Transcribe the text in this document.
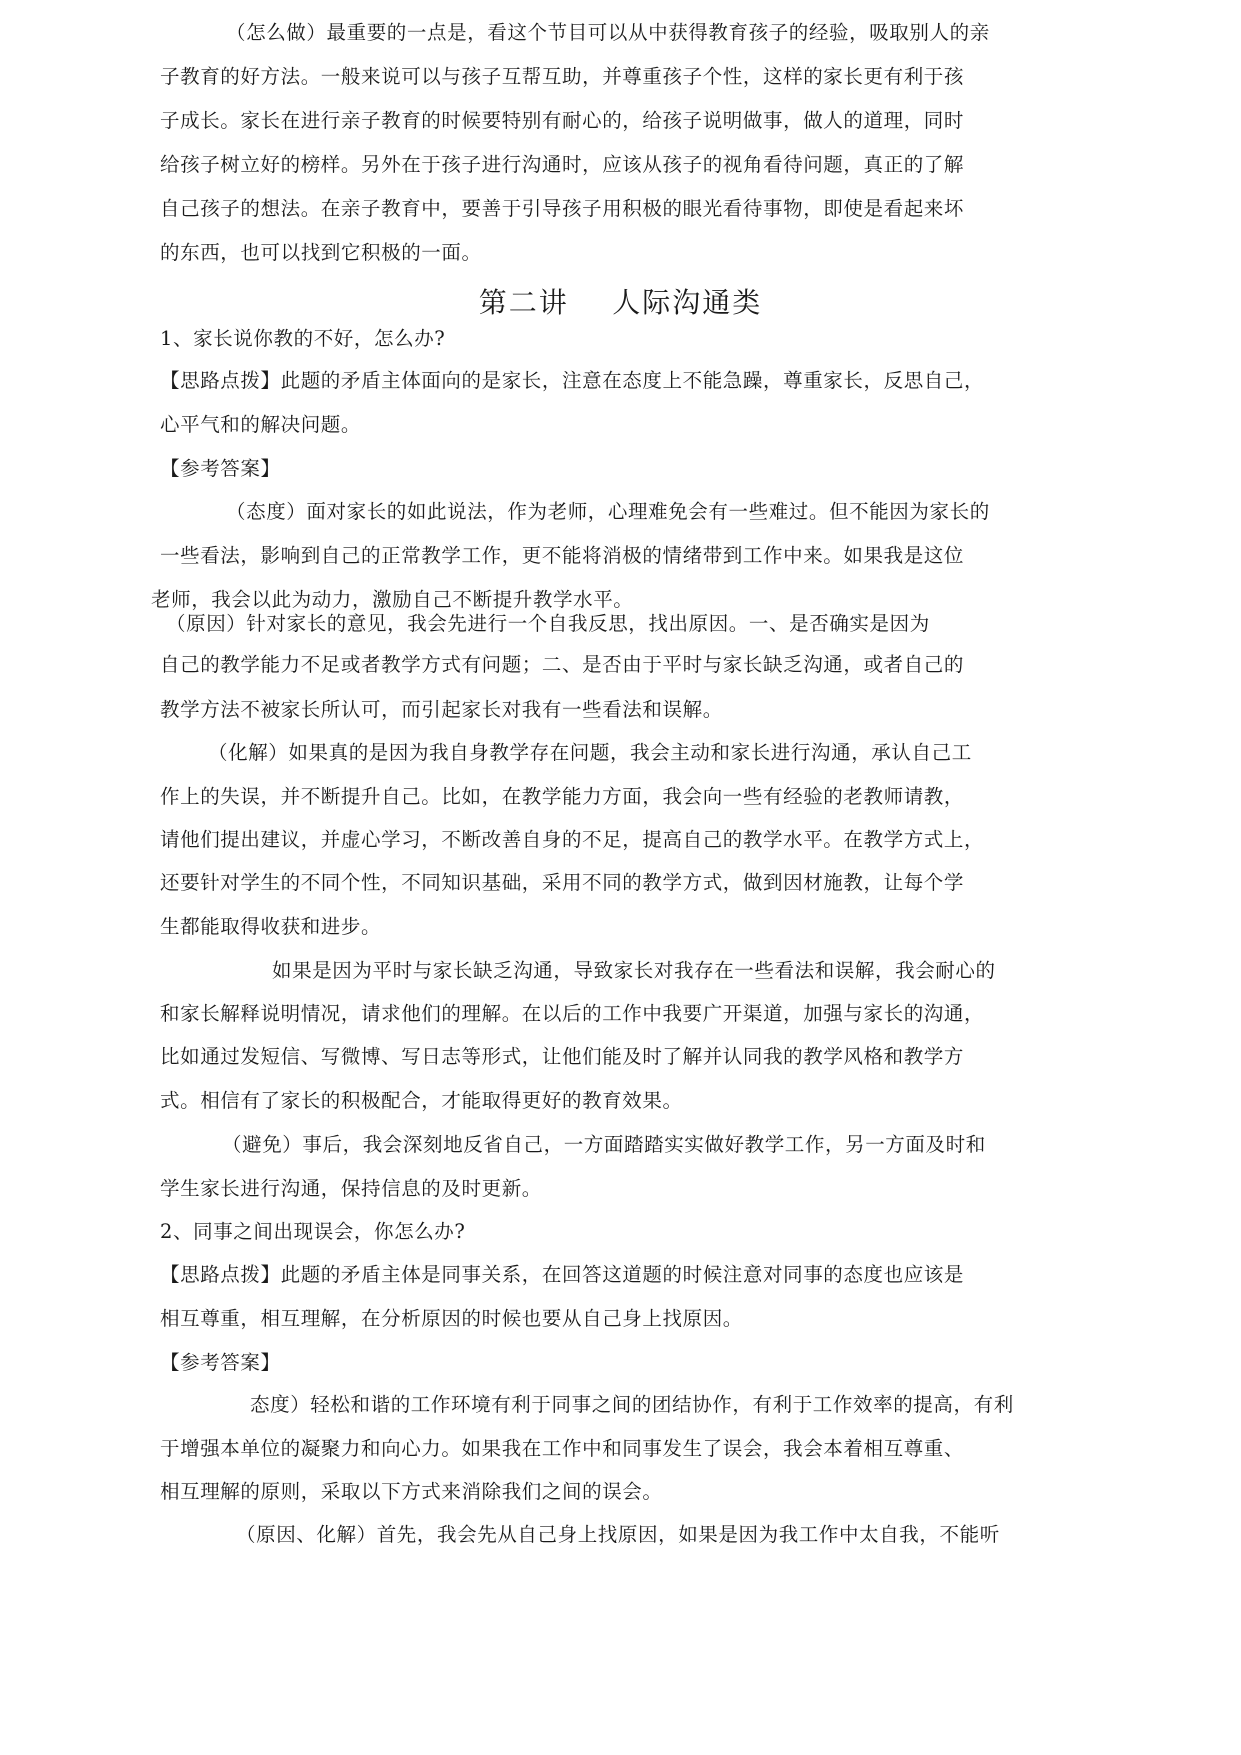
（怎么做）最重要的一点是，看这个节目可以从中获得教育孩子的经验，吸取别人的亲
子教育的好方法。一般来说可以与孩子互帮互助，并尊重孩子个性，这样的家长更有利于孩
子成长。家长在进行亲子教育的时候要特别有耐心的，给孩子说明做事，做人的道理，同时
给孩子树立好的榜样。另外在于孩子进行沟通时，应该从孩子的视角看待问题，真正的了解
自己孩子的想法。在亲子教育中，要善于引导孩子用积极的眼光看待事物，即使是看起来坏
的东西，也可以找到它积极的一面。
第二讲    人际沟通类
1、家长说你教的不好，怎么办?
【思路点拨】此题的矛盾主体面向的是家长，注意在态度上不能急躁，尊重家长，反思自己，
心平气和的解决问题。
【参考答案】
（态度）面对家长的如此说法，作为老师，心理难免会有一些难过。但不能因为家长的
一些看法，影响到自己的正常教学工作，更不能将消极的情绪带到工作中来。如果我是这位
老师，我会以此为动力，激励自己不断提升教学水平。
（原因）针对家长的意见，我会先进行一个自我反思，找出原因。一、是否确实是因为
自己的教学能力不足或者教学方式有问题；二、是否由于平时与家长缺乏沟通，或者自己的
教学方法不被家长所认可，而引起家长对我有一些看法和误解。
（化解）如果真的是因为我自身教学存在问题，我会主动和家长进行沟通，承认自己工
作上的失误，并不断提升自己。比如，在教学能力方面，我会向一些有经验的老教师请教，
请他们提出建议，并虚心学习，不断改善自身的不足，提高自己的教学水平。在教学方式上，
还要针对学生的不同个性，不同知识基础，采用不同的教学方式，做到因材施教，让每个学
生都能取得收获和进步。
如果是因为平时与家长缺乏沟通，导致家长对我存在一些看法和误解，我会耐心的
和家长解释说明情况，请求他们的理解。在以后的工作中我要广开渠道，加强与家长的沟通，
比如通过发短信、写微博、写日志等形式，让他们能及时了解并认同我的教学风格和教学方
式。相信有了家长的积极配合，才能取得更好的教育效果。
（避免）事后，我会深刻地反省自己，一方面踏踏实实做好教学工作，另一方面及时和
学生家长进行沟通，保持信息的及时更新。
2、同事之间出现误会，你怎么办?
【思路点拨】此题的矛盾主体是同事关系，在回答这道题的时候注意对同事的态度也应该是
相互尊重，相互理解，在分析原因的时候也要从自己身上找原因。
【参考答案】
态度）轻松和谐的工作环境有利于同事之间的团结协作，有利于工作效率的提高，有利
于增强本单位的凝聚力和向心力。如果我在工作中和同事发生了误会，我会本着相互尊重、
相互理解的原则，采取以下方式来消除我们之间的误会。
（原因、化解）首先，我会先从自己身上找原因，如果是因为我工作中太自我，不能听
